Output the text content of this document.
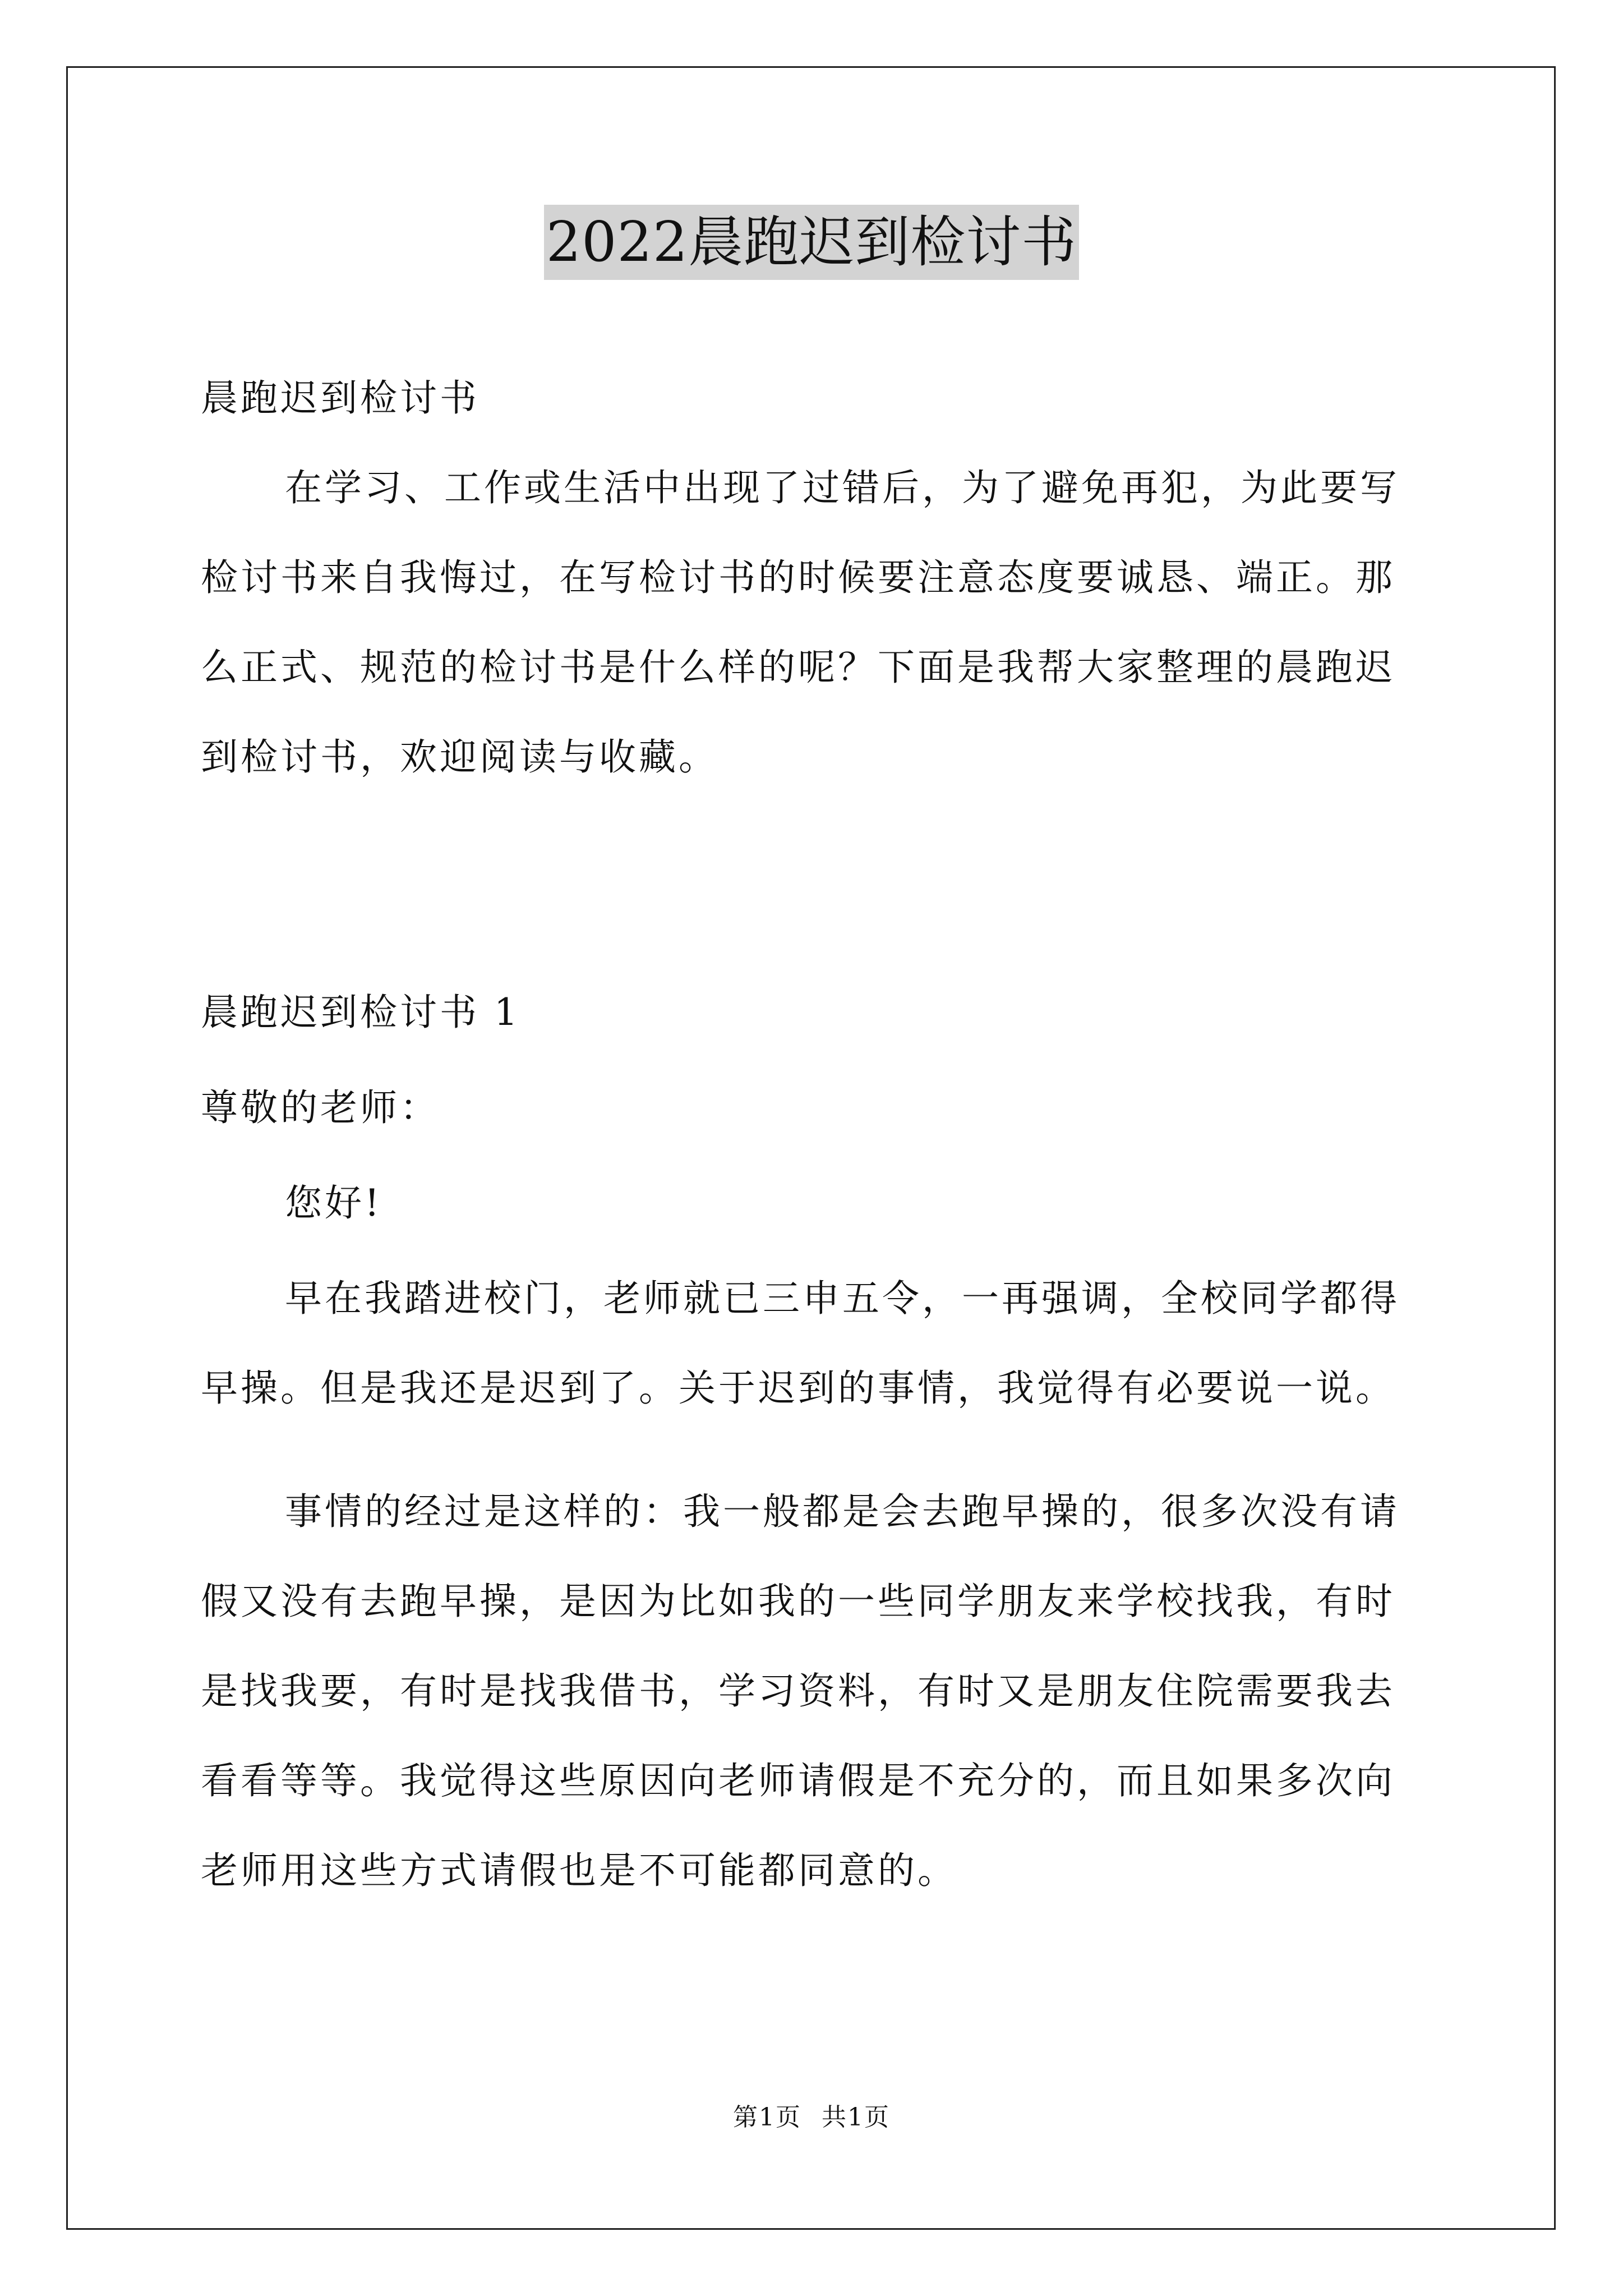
2022晨跑迟到检讨书

晨跑迟到检讨书

在学习、工作或生活中出现了过错后，为了避免再犯，为此要写
检讨书来自我悔过，在写检讨书的时候要注意态度要诚恳、端正。那
么正式、规范的检讨书是什么样的呢？下面是我帮大家整理的晨跑迟
到检讨书，欢迎阅读与收藏。

晨跑迟到检讨书 1

尊敬的老师：

您好!

早在我踏进校门，老师就已三申五令，一再强调，全校同学都得
早操。但是我还是迟到了。关于迟到的事情，我觉得有必要说一说。
事情的经过是这样的：我一般都是会去跑早操的，很多次没有请
假又没有去跑早操，是因为比如我的一些同学朋友来学校找我，有时
是找我要，有时是找我借书，学习资料，有时又是朋友住院需要我去
看看等等。我觉得这些原因向老师请假是不充分的，而且如果多次向
老师用这些方式请假也是不可能都同意的。
第1页 共1页
